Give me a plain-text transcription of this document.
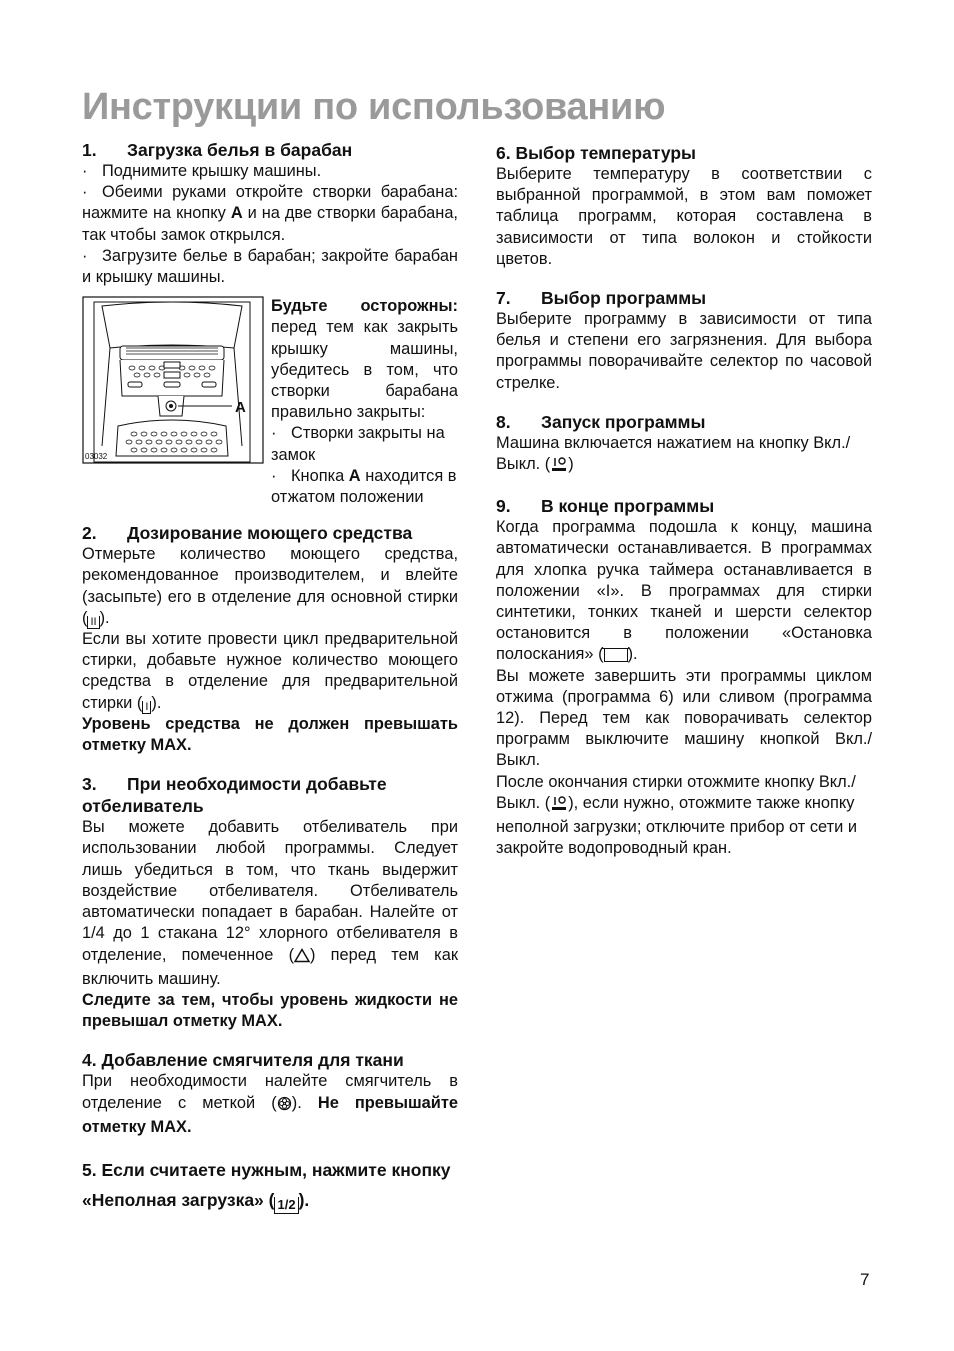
Инструкции по использованию
1. Загрузка белья в барабан
· Поднимите крышку машины.
· Обеими руками откройте створки барабана: нажмите на кнопку A и на две створки барабана, так чтобы замок открылся.
· Загрузите белье в барабан; закройте барабан и крышку машины.
A
03032

Будьте осторожны: перед тем как закрыть крышку машины, убедитесь в том, что створки барабана правильно закрыты:

· Створки закрыты на замок

· Кнопка A находится в отжатом положении

2. Дозирование моющего средства

Отмерьте количество моющего средства, рекомендованное производителем, и влейте (засыпьте) его в отделение для основной стирки ( II ).

Если вы хотите провести цикл предварительной стирки, добавьте нужное количество моющего средства в отделение для предварительной стирки ( I ).

Уровень средства не должен превышать отметку MAX.

3. При необходимости добавьте отбеливатель

Вы можете добавить отбеливатель при использовании любой программы. Следует лишь убедиться в том, что ткань выдержит воздействие отбеливателя. Отбеливатель автоматически попадает в барабан. Налейте от 1/4 до 1 стакана 12° хлорного отбеливателя в отделение, помеченное ( ) перед тем как включить машину.

Следите за тем, чтобы уровень жидкости не превышал отметку MAX.

4. Добавление смягчителя для ткани

При необходимости налейте смягчитель в отделение с меткой ( ). Не превышайте отметку MAX.

5. Если считаете нужным, нажмите кнопку «Неполная загрузка» ( 1/2 ).
6. Выбор температуры

Выберите температуру в соответствии с выбранной программой, в этом вам поможет таблица программ, которая составлена в зависимости от типа волокон и стойкости цветов.

7. Выбор программы

Выберите программу в зависимости от типа белья и степени его загрязнения. Для выбора программы поворачивайте селектор по часовой стрелке.

8. Запуск программы

Машина включается нажатием на кнопку Вкл./ Выкл. ( )

9. В конце программы

Когда программа подошла к концу, машина автоматически останавливается. В программах для хлопка ручка таймера останавливается в положении «I». В программах для стирки синтетики, тонких тканей и шерсти селектор остановится в положении «Остановка полоскания» ( ).

Вы можете завершить эти программы циклом отжима (программа 6) или сливом (программа 12). Перед тем как поворачивать селектор программ выключите машину кнопкой Вкл./ Выкл.

После окончания стирки отожмите кнопку Вкл./ Выкл. ( ), если нужно, отожмите также кнопку неполной загрузки; отключите прибор от сети и закройте водопроводный кран.

7
